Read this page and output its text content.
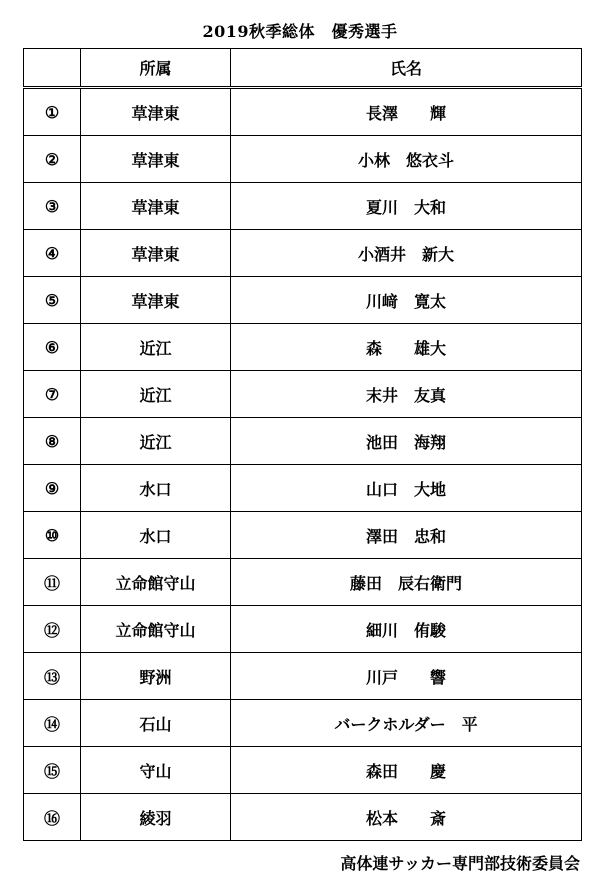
2019秋季総体　優秀選手
	所属	氏名
①	草津東	長澤　　輝
②	草津東	小林　悠衣斗
③	草津東	夏川　大和
④	草津東	小酒井　新大
⑤	草津東	川﨑　寛太
⑥	近江	森　　雄大
⑦	近江	末井　友真
⑧	近江	池田　海翔
⑨	水口	山口　大地
⑩	水口	澤田　忠和
⑪	立命館守山	藤田　辰右衛門
⑫	立命館守山	細川　侑駿
⑬	野洲	川戸　　響
⑭	石山	バークホルダー　平
⑮	守山	森田　　慶
⑯	綾羽	松本　　斎
高体連サッカー専門部技術委員会
